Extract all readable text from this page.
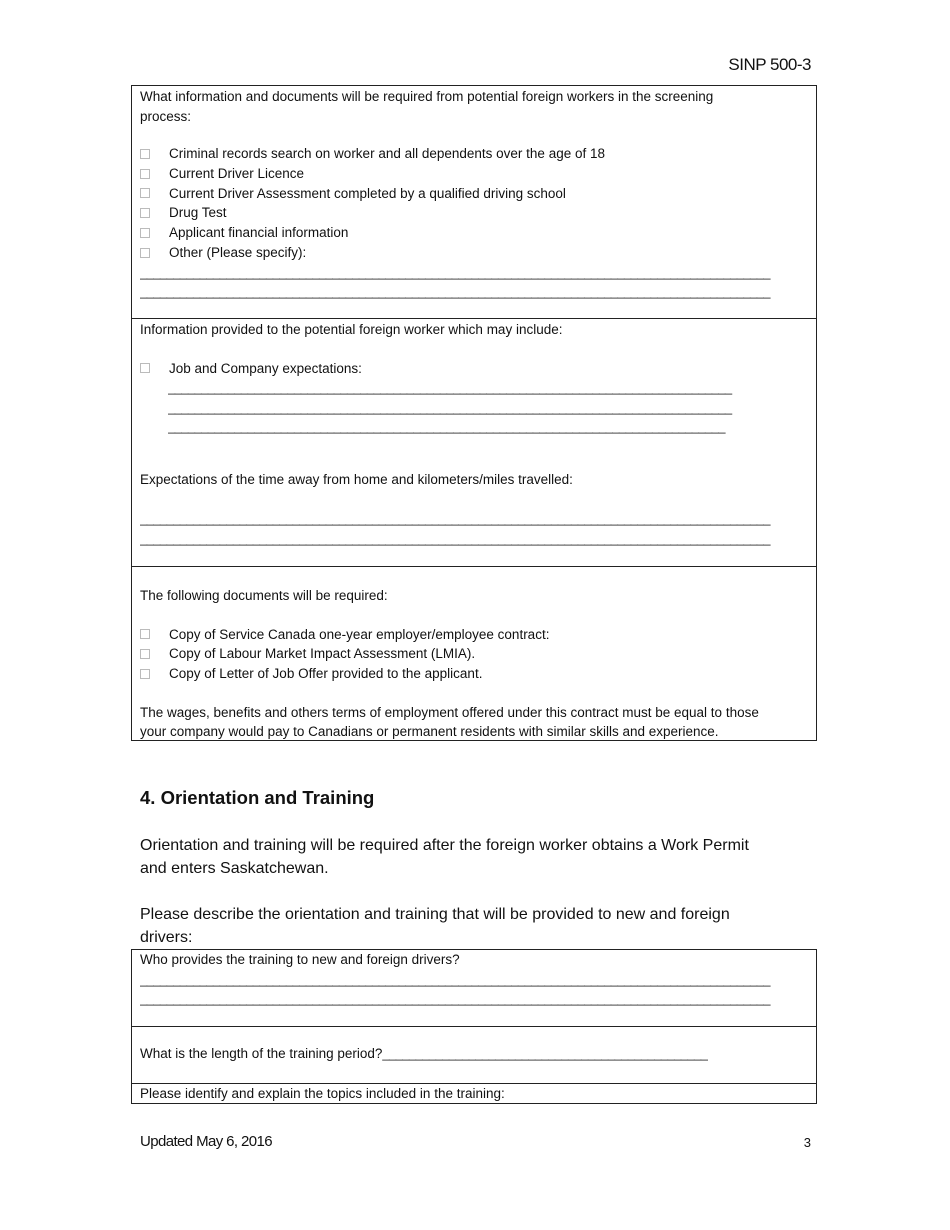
SINP 500-3
What information and documents will be required from potential foreign workers in the screening
process:
Criminal records search on worker and all dependents over the age of 18
Current Driver Licence
Current Driver Assessment completed by a qualified driving school
Drug Test
Applicant financial information
Other (Please specify):
_______________________________________________________________________________________________
_______________________________________________________________________________________________
Information provided to the potential foreign worker which may include:
Job and Company expectations:
_____________________________________________________________________________________
_____________________________________________________________________________________
____________________________________________________________________________________
Expectations of the time away from home and kilometers/miles travelled:
_______________________________________________________________________________________________
_______________________________________________________________________________________________
The following documents will be required:
Copy of Service Canada one-year employer/employee contract:
Copy of Labour Market Impact Assessment (LMIA).
Copy of Letter of Job Offer provided to the applicant.
The wages, benefits and others terms of employment offered under this contract must be equal to those
your company would pay to Canadians or permanent residents with similar skills and experience.
4. Orientation and Training
Orientation and training will be required after the foreign worker obtains a Work Permit
and enters Saskatchewan.
Please describe the orientation and training that will be provided to new and foreign
drivers:
Who provides the training to new and foreign drivers?
_______________________________________________________________________________________________
_______________________________________________________________________________________________
What is the length of the training period?_________________________________________________
Please identify and explain the topics included in the training:
Updated May 6, 2016	3
